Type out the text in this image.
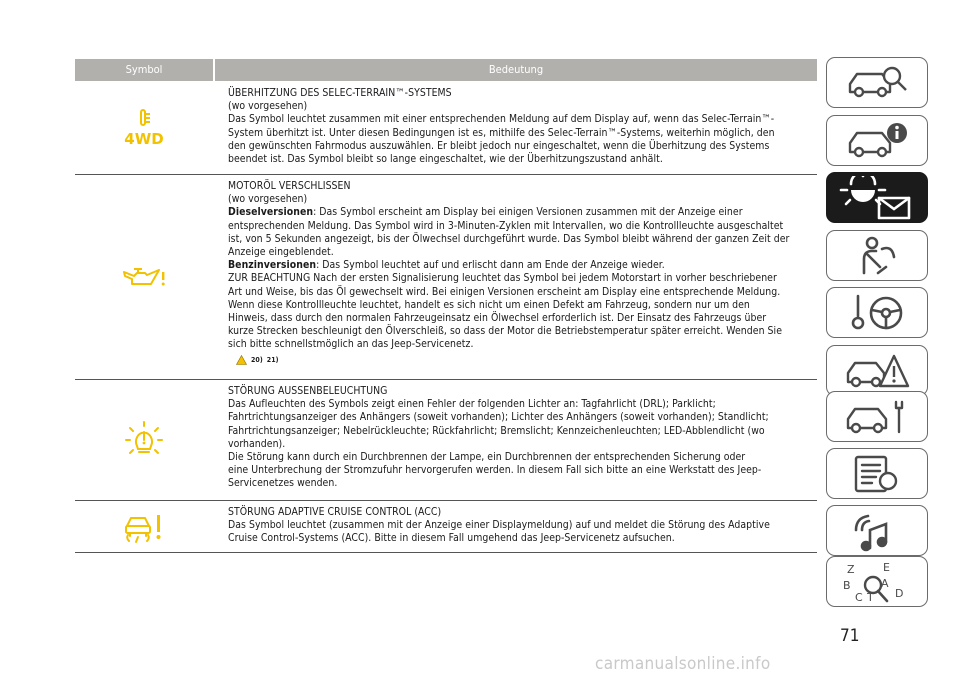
Symbol	Bedeutung
4WD
ÜBERHITZUNG DES SELEC-TERRAIN™-SYSTEMS
(wo vorgesehen)
Das Symbol leuchtet zusammen mit einer entsprechenden Meldung auf dem Display auf, wenn das Selec-Terrain™-
System überhitzt ist. Unter diesen Bedingungen ist es, mithilfe des Selec-Terrain™-Systems, weiterhin möglich, den
den gewünschten Fahrmodus auszuwählen. Er bleibt jedoch nur eingeschaltet, wenn die Überhitzung des Systems
beendet ist. Das Symbol bleibt so lange eingeschaltet, wie der Überhitzungszustand anhält.
MOTORÖL VERSCHLISSEN
(wo vorgesehen)
Dieselversionen: Das Symbol erscheint am Display bei einigen Versionen zusammen mit der Anzeige einer
entsprechenden Meldung. Das Symbol wird in 3-Minuten-Zyklen mit Intervallen, wo die Kontrollleuchte ausgeschaltet
ist, von 5 Sekunden angezeigt, bis der Ölwechsel durchgeführt wurde. Das Symbol bleibt während der ganzen Zeit der
Anzeige eingeblendet.
Benzinversionen: Das Symbol leuchtet auf und erlischt dann am Ende der Anzeige wieder.
ZUR BEACHTUNG Nach der ersten Signalisierung leuchtet das Symbol bei jedem Motorstart in vorher beschriebener
Art und Weise, bis das Öl gewechselt wird. Bei einigen Versionen erscheint am Display eine entsprechende Meldung.
Wenn diese Kontrollleuchte leuchtet, handelt es sich nicht um einen Defekt am Fahrzeug, sondern nur um den
Hinweis, dass durch den normalen Fahrzeugeinsatz ein Ölwechsel erforderlich ist. Der Einsatz des Fahrzeugs über
kurze Strecken beschleunigt den Ölverschleiß, so dass der Motor die Betriebstemperatur später erreicht. Wenden Sie
sich bitte schnellstmöglich an das Jeep-Servicenetz.
20) 21)
STÖRUNG AUSSENBELEUCHTUNG
Das Aufleuchten des Symbols zeigt einen Fehler der folgenden Lichter an: Tagfahrlicht (DRL); Parklicht;
Fahrtrichtungsanzeiger des Anhängers (soweit vorhanden); Lichter des Anhängers (soweit vorhanden); Standlicht;
Fahrtrichtungsanzeiger; Nebelrückleuchte; Rückfahrlicht; Bremslicht; Kennzeichenleuchten; LED-Abblendlicht (wo
vorhanden).
Die Störung kann durch ein Durchbrennen der Lampe, ein Durchbrennen der entsprechenden Sicherung oder
eine Unterbrechung der Stromzufuhr hervorgerufen werden. In diesem Fall sich bitte an eine Werkstatt des Jeep-
Servicenetzes wenden.
STÖRUNG ADAPTIVE CRUISE CONTROL (ACC)
Das Symbol leuchtet (zusammen mit der Anzeige einer Displaymeldung) auf und meldet die Störung des Adaptive
Cruise Control-Systems (ACC). Bitte in diesem Fall umgehend das Jeep-Servicenetz aufsuchen.
Z	E
A
B
C T D
71
carmanualsonline.info
